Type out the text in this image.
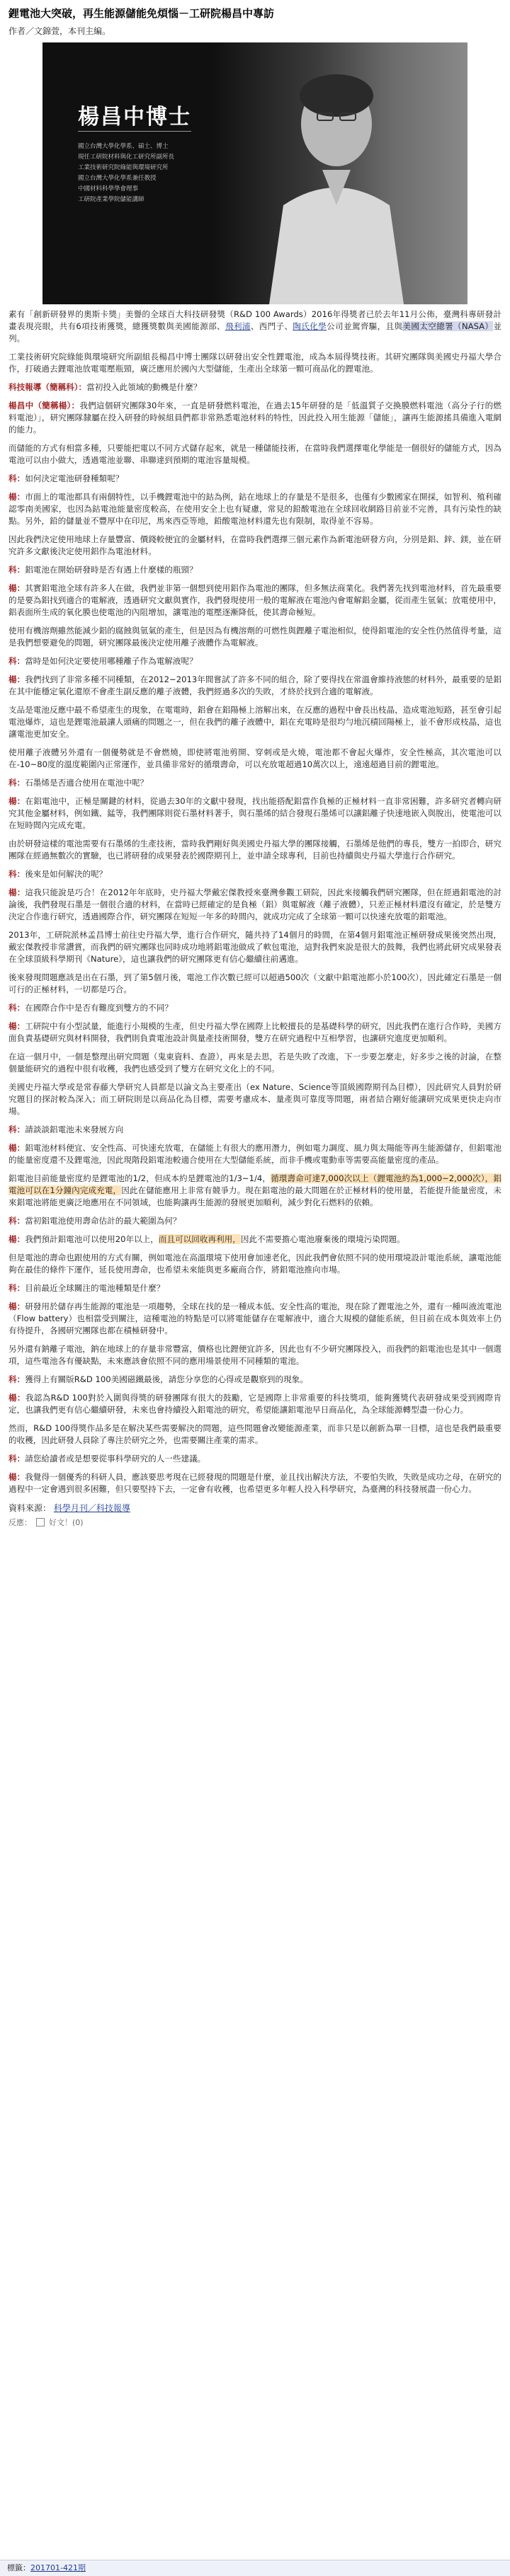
鋰電池大突破，再生能源儲能免煩惱－工研院楊昌中專訪
作者／文錦萱，本刊主編。
楊昌中博士
國立台灣大學化學系、碩士、博士
現任工研院材料與化工研究所副所長
工業技術研究院綠能與環境研究所
國立台灣大學化學系兼任教授
中國材料科學學會理事
工研院產業學院儲能講師

素有「創新研發界的奧斯卡獎」美譽的全球百大科技研發獎（R&D 100 Awards）2016年得獎者已於去年11月公佈，臺灣科專研發計畫表現亮眼，共有6項技術獲獎，總獲獎數與美國能源部、飛利浦、西門子、陶氏化學公司並駕齊驅，且與美國太空總署（NASA）並列。

工業技術研究院綠能與環境研究所副組長楊昌中博士團隊以研發出安全性鋰電池，成為本屆得獎技術。其研究團隊與美國史丹福大學合作，打破過去鋰電池放電電壓瓶頸，廣泛應用於國內大型儲能，生產出全球第一顆可商品化的鋰電池。

科技報導（簡稱科）：當初投入此領域的動機是什麼？

楊昌中（簡稱楊）：我們這個研究團隊30年來，一直是研發燃料電池，在過去15年研發的是「低溫質子交換膜燃料電池（高分子行的燃料電池）」，研究團隊隸屬在投入研發的時候組員們都非常熟悉電池材料的特性，因此投入用生能源「儲能」，讓再生能源搖具備進入電網的能力。

而儲能的方式有相當多種，只要能把電以不同方式儲存起來，就是一種儲能技術，在當時我們選擇電化學能是一個很好的儲能方式，因為電池可以由小做大，透過電池並聯、串聯達到預期的電池容量規模。

科：如何決定電池研發種類呢？

楊：市面上的電池都具有兩個特性，以手機鋰電池中的鈷為例，鈷在地球上的存量是不是很多，也僅有少數國家在開採，如智利、殖利確認零南美國家，也因為鈷電池能量密度較高，在使用安全上也有疑慮，常見的鉛酸電池在全球回收網路目前並不完善，具有污染性的缺點。另外，鉛的儲量並不豐厚中在印尼，馬來西亞等地，鉛酸電池材料還先也有限制，取得並不容易。

因此我們決定使用地球上存量豐富、價錢較便宜的金屬材料，在當時我們選擇三個元素作為新電池研發方向，分別是鋁、鋅、鎂，並在研究許多文獻後決定使用鋁作為電池材料。

科：鋁電池在開始研發時是否有遇上什麼樣的瓶頸？

楊：其實鋁電池全球有許多人在做，我們並非第一個想到使用鋁作為電池的團隊，但多無法商業化。我們著先找到電池材料，首先最重要的是要為鋁找到適合的電解液，透過研究文獻與實作，我們發現使用一般的電解液在電池內會電解鋁金屬，從而產生氫氣；放電使用中，鋁表面所生成的氧化膜也使電池的內阻增加，讓電池的電壓逐漸降低，使其壽命極短。

使用有機溶劑雖然能減少鋁的腐蝕與氫氣的產生，但是因為有機溶劑的可燃性與鋰離子電池相似，使得鋁電池的安全性仍然值得考量，這是我們想要避免的問題，研究團隊最後決定使用離子液體作為電解液。

科：當時是如何決定要使用哪種離子作為電解液呢？

楊：我們找到了非常多種不同種類，在2012~2013年間嘗試了許多不同的組合，除了要得找在常溫會維持液態的材料外，最重要的是鋁在其中能穩定氧化還原不會產生副反應的離子液體，我們經過多次的失敗，才終於找到合適的電解液。

支品是電池反應中最不希望產生的現象，在電電時，鋁會在鋁陽極上溶解出來，在反應的過程中會長出枝晶，造成電池短路，甚至會引起電池爆炸，這也是鋰電池最讓人頭痛的問題之一，但在我們的離子液體中，鋁在充電時是很均勻地沉積回陽極上，並不會形成枝晶，這也讓電池更加安全。

使用離子液體另外還有一個優勢就是不會燃燒，即使將電池剪開、穿刺或是火燒，電池都不會起火爆炸，安全性極高，其次電池可以在-10~80度的溫度範圍內正常運作，並具備非常好的循環壽命，可以充放電超過10萬次以上，遠遠超過目前的鋰電池。

科：石墨烯是否適合使用在電池中呢？

楊：在鋁電池中，正極是關鍵的材料，從過去30年的文獻中發現，找出能搭配鋁當作負極的正極材料一直非常困難，許多研究者轉向研究其他金屬材料，例如鐵、錳等，我們團隊則從石墨材料著手，與石墨烯的結合發現石墨烯可以讓鋁離子快速地嵌入與脫出，使電池可以在短時間內完成充電。

由於研發這樣的電池需要有石墨烯的生產技術，當時我們剛好與美國史丹福大學的團隊接觸，石墨烯是他們的專長，雙方一拍即合，研究團隊在經過無數次的實驗，也已將研發的成果發表於國際期刊上，並申請全球專利，目前也持續與史丹福大學進行合作研究。

科：後來是如何解決的呢？

楊：這我只能說是巧合！在2012年年底時，史丹福大學戴宏傑教授來臺灣參觀工研院，因此來接觸我們研究團隊，但在經過鋁電池的討論後，我們發現石墨是一個很合適的材料，在當時已經確定的是負極（鋁）與電解液（離子液體），只差正極材料還沒有確定，於是雙方決定合作進行研究，透過國際合作，研究團隊在短短一年多的時間內，就成功完成了全球第一顆可以快速充放電的鋁電池。

2013年，工研院派林孟昌博士前往史丹福大學，進行合作研究，隨共持了14個月的時間，在第4個月鋁電池正極研發成果後突然出現，戴宏傑教授非常讚賞，而我們的研究團隊也同時成功地將鋁電池做成了軟包電池，這對我們來說是很大的鼓舞，我們也將此研究成果發表在全球頂級科學期刊《Nature》，這也讓我們的研究團隊更有信心繼續往前邁進。

後來發現問題應該是出在石墨，到了第5個月後，電池工作次數已經可以超過500次（文獻中鋁電池都小於100次），因此確定石墨是一個可行的正極材料，一切都是巧合。

科：在國際合作中是否有難度到雙方的不同？

楊：工研院中有小型試量，能進行小規模的生產，但史丹福大學在國際上比較擅長的是基礎科學的研究，因此我們在進行合作時，美國方面負責基礎研究與材料開發，我們則負責電池設計與量產技術開發，雙方在研究過程中互相學習，也讓研究進度更加順利。

在這一個月中，一個是整理出研究問題（鬼東資料、查證），再來是去思，若是失敗了改進，下一步要怎麼走，好多步之後的討論，在整個量能研究的過程中很有收穫，我們也感受到了雙方在研究文化上的不同。

美國史丹福大學或是常春藤大學研究人員都是以論文為主要產出（ex Nature、Science等頂級國際期刊為目標），因此研究人員對於研究題目的探討較為深入；而工研院則是以商品化為目標，需要考慮成本、量產與可靠度等問題，兩者結合剛好能讓研究成果更快走向市場。

科：請談談鋁電池未來發展方向

楊：鋁電池材料便宜、安全性高、可快速充放電，在儲能上有很大的應用潛力，例如電力調度、風力與太陽能等再生能源儲存，但鋁電池的能量密度還不及鋰電池，因此現階段鋁電池較適合使用在大型儲能系統，而非手機或電動車等需要高能量密度的產品。

鋁電池目前能量密度約是鋰電池的1/2，但成本約是鋰電池的1/3~1/4，循環壽命可達7,000次以上（鋰電池約為1,000~2,000次），鋁電池可以在1分鐘內完成充電，因此在儲能應用上非常有競爭力。現在鋁電池的最大問題在於正極材料的使用量，若能提升能量密度，未來鋁電池將能更廣泛地應用在不同領域，也能夠讓再生能源的發展更加順利，減少對化石燃料的依賴。

科：當初鋁電池使用壽命估計的最大範圍為何？

楊：我們預計鋁電池可以使用20年以上，而且可以回收再利用，因此不需要擔心電池廢棄後的環境污染問題。

但是電池的壽命也跟使用的方式有關，例如電池在高溫環境下使用會加速老化，因此我們會依照不同的使用環境設計電池系統，讓電池能夠在最佳的條件下運作，延長使用壽命，也希望未來能與更多廠商合作，將鋁電池推向市場。

科：目前最近全球關注的電池種類是什麼？

楊：研發用於儲存再生能源的電池是一項趨勢，全球在找的是一種成本低、安全性高的電池，現在除了鋰電池之外，還有一種叫液流電池（Flow battery）也相當受到關注，這種電池的特點是可以將電能儲存在電解液中，適合大規模的儲能系統，但目前在成本與效率上仍有待提升，各國研究團隊也都在積極研發中。

另外還有鈉離子電池，鈉在地球上的存量非常豐富，價格也比鋰便宜許多，因此也有不少研究團隊投入，而我們的鋁電池也是其中一個選項，這些電池各有優缺點，未來應該會依照不同的應用場景使用不同種類的電池。

科：獲得上有關版R&D 100美國磁鐵最後，請您分享您的心得或是觀察到的現象。

楊：我認為R&D 100對於入圍與得獎的研發團隊有很大的鼓勵，它是國際上非常重要的科技獎項，能夠獲獎代表研發成果受到國際肯定，也讓我們更有信心繼續研發，未來也會持續投入鋁電池的研究，希望能讓鋁電池早日商品化，為全球能源轉型盡一份心力。

然而，R&D 100得獎作品多是在解決某些需要解決的問題，這些問題會改變能源產業，而非只是以創新為單一目標，這也是我們最重要的收穫，因此研發人員除了專注於研究之外，也需要關注產業的需求。

科：請您給讀者或是想要從事科學研究的人一些建議。

楊：我覺得一個優秀的科研人員，應該要思考現在已經發現的問題是什麼，並且找出解決方法，不要怕失敗，失敗是成功之母，在研究的過程中一定會遇到很多困難，但只要堅持下去，一定會有收穫，也希望更多年輕人投入科學研究，為臺灣的科技發展盡一份心力。

資料來源： 科學月刊／科技報導
反應： 好文！(0)
標籤：201701-421期
